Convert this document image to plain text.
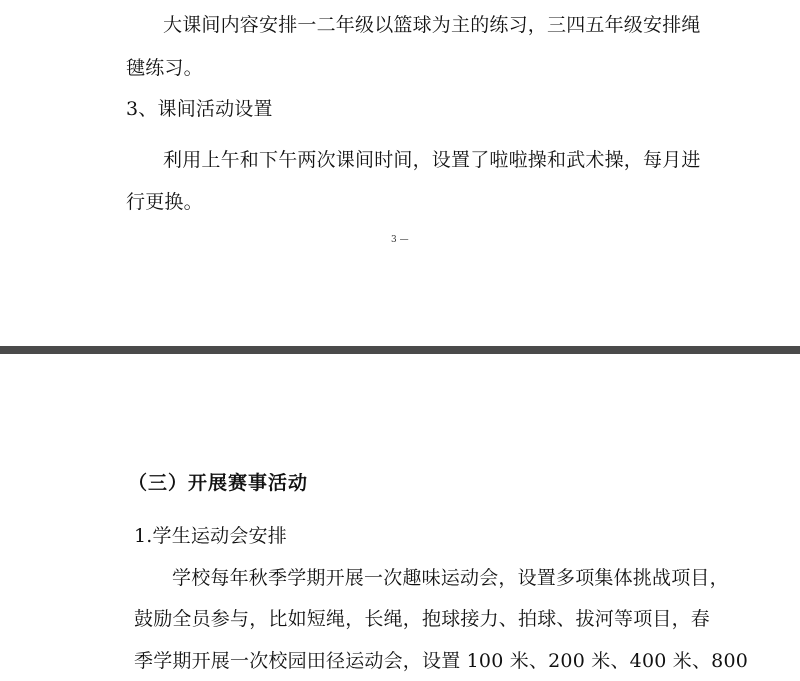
大课间内容安排一二年级以篮球为主的练习，三四五年级安排绳
毽练习。
3、课间活动设置
利用上午和下午两次课间时间，设置了啦啦操和武术操，每月进
行更换。
3 —
（三）开展赛事活动
1.学生运动会安排
学校每年秋季学期开展一次趣味运动会，设置多项集体挑战项目，
鼓励全员参与，比如短绳，长绳，抱球接力、拍球、拔河等项目，春
季学期开展一次校园田径运动会，设置 100 米、200 米、400 米、800
